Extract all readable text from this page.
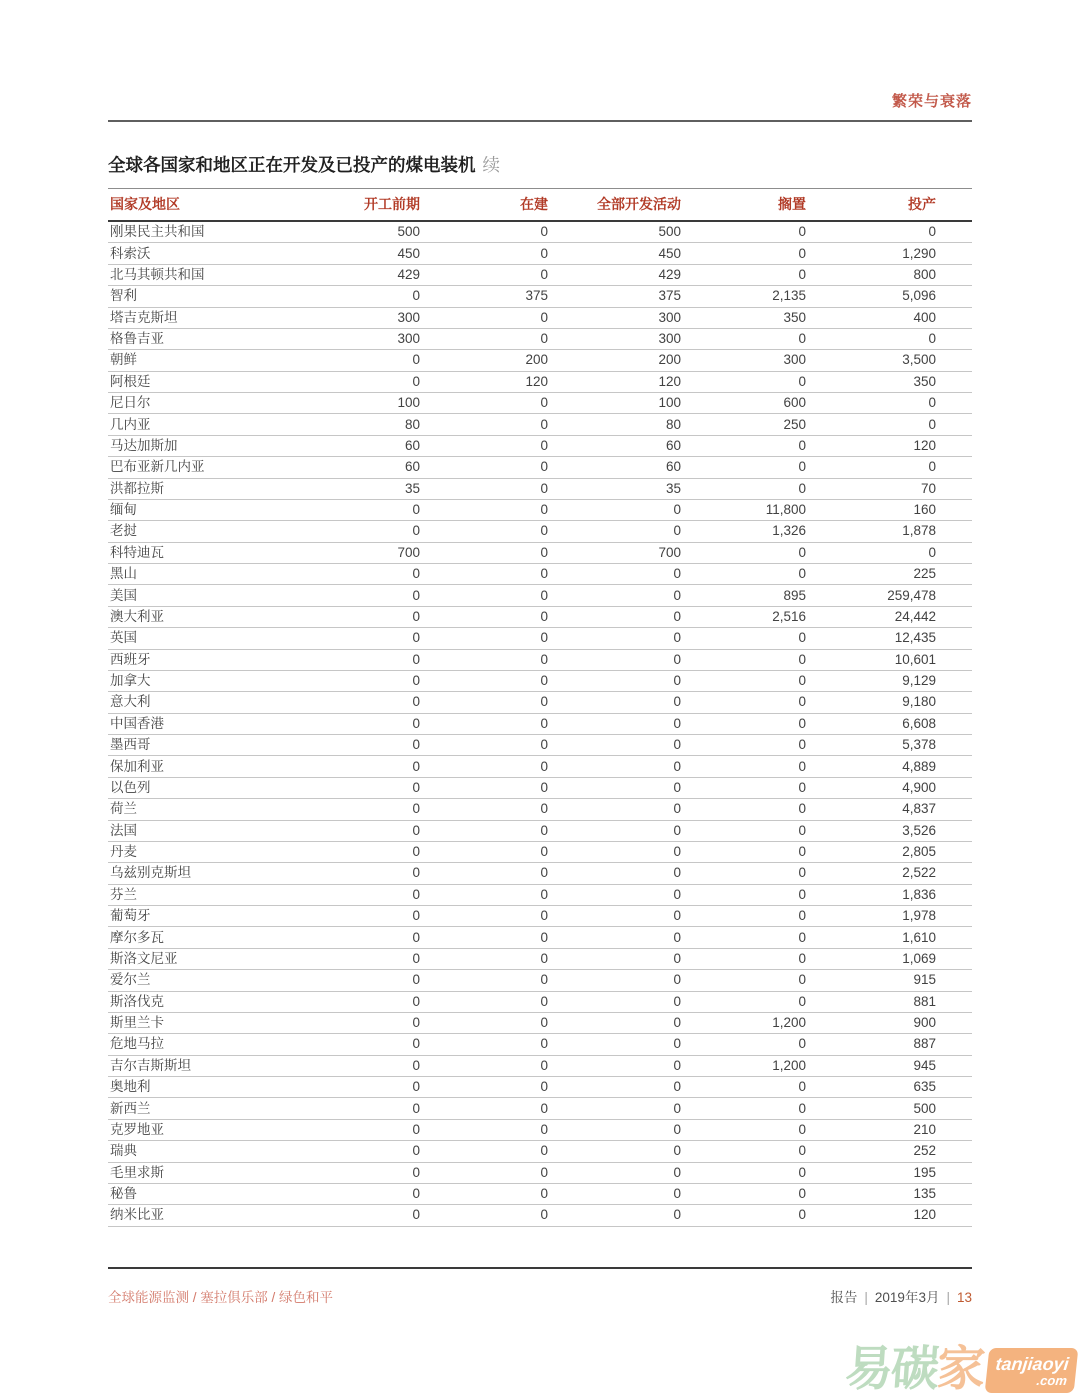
繁荣与衰落
全球各国家和地区正在开发及已投产的煤电装机 续
国家及地区	开工前期	在建	全部开发活动	搁置	投产
刚果民主共和国	500	0	500	0	0
科索沃	450	0	450	0	1,290
北马其顿共和国	429	0	429	0	800
智利	0	375	375	2,135	5,096
塔吉克斯坦	300	0	300	350	400
格鲁吉亚	300	0	300	0	0
朝鲜	0	200	200	300	3,500
阿根廷	0	120	120	0	350
尼日尔	100	0	100	600	0
几内亚	80	0	80	250	0
马达加斯加	60	0	60	0	120
巴布亚新几内亚	60	0	60	0	0
洪都拉斯	35	0	35	0	70
缅甸	0	0	0	11,800	160
老挝	0	0	0	1,326	1,878
科特迪瓦	700	0	700	0	0
黑山	0	0	0	0	225
美国	0	0	0	895	259,478
澳大利亚	0	0	0	2,516	24,442
英国	0	0	0	0	12,435
西班牙	0	0	0	0	10,601
加拿大	0	0	0	0	9,129
意大利	0	0	0	0	9,180
中国香港	0	0	0	0	6,608
墨西哥	0	0	0	0	5,378
保加利亚	0	0	0	0	4,889
以色列	0	0	0	0	4,900
荷兰	0	0	0	0	4,837
法国	0	0	0	0	3,526
丹麦	0	0	0	0	2,805
乌兹别克斯坦	0	0	0	0	2,522
芬兰	0	0	0	0	1,836
葡萄牙	0	0	0	0	1,978
摩尔多瓦	0	0	0	0	1,610
斯洛文尼亚	0	0	0	0	1,069
爱尔兰	0	0	0	0	915
斯洛伐克	0	0	0	0	881
斯里兰卡	0	0	0	1,200	900
危地马拉	0	0	0	0	887
吉尔吉斯斯坦	0	0	0	1,200	945
奥地利	0	0	0	0	635
新西兰	0	0	0	0	500
克罗地亚	0	0	0	0	210
瑞典	0	0	0	0	252
毛里求斯	0	0	0	0	195
秘鲁	0	0	0	0	135
纳米比亚	0	0	0	0	120
全球能源监测 / 塞拉俱乐部 / 绿色和平	报告 | 2019年3月 | 13
易碳家 tanjiaoyi
.com
